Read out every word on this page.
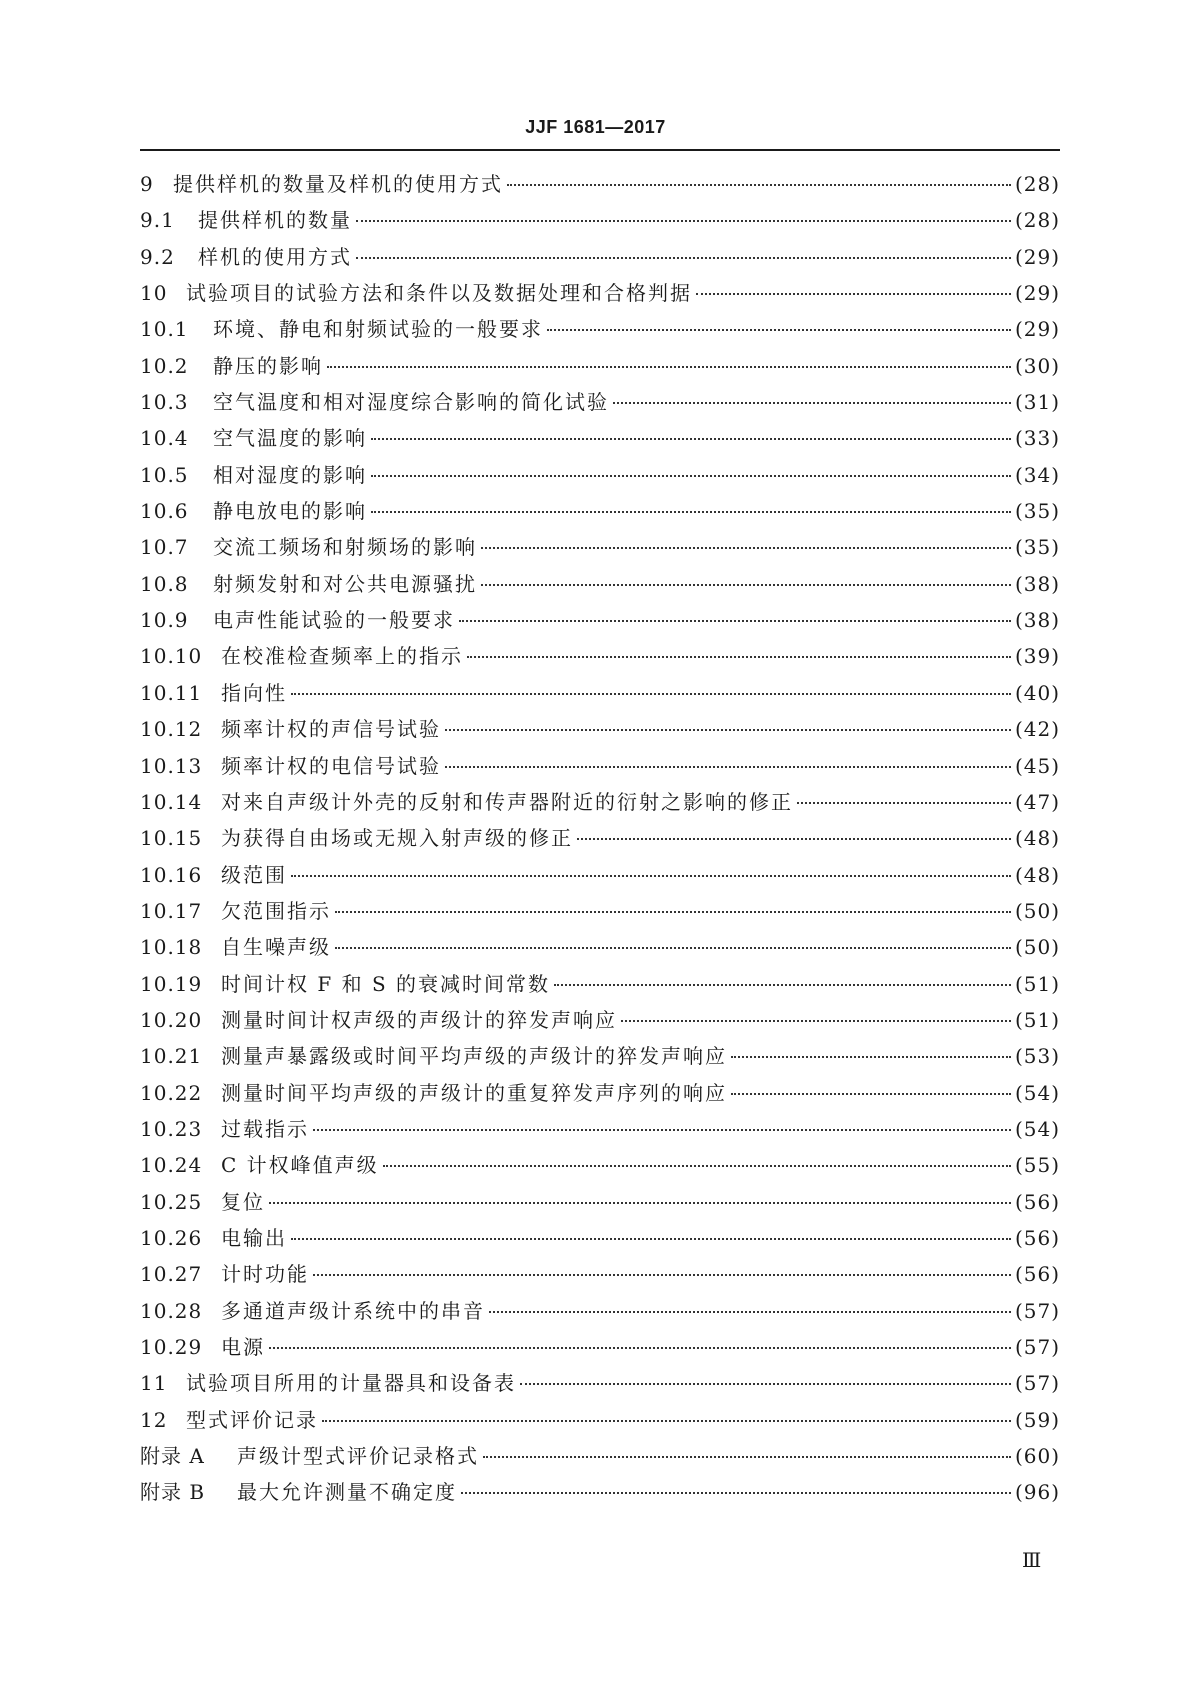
JJF 1681—2017
9 提供样机的数量及样机的使用方式	(28)
9.1	提供样机的数量	(28)
9.2	样机的使用方式	(29)
10 试验项目的试验方法和条件以及数据处理和合格判据	(29)
10.1	环境、静电和射频试验的一般要求	(29)
10.2	静压的影响	(30)
10.3	空气温度和相对湿度综合影响的简化试验	(31)
10.4	空气温度的影响	(33)
10.5	相对湿度的影响	(34)
10.6	静电放电的影响	(35)
10.7	交流工频场和射频场的影响	(35)
10.8	射频发射和对公共电源骚扰	(38)
10.9	电声性能试验的一般要求	(38)
10.10 在校准检查频率上的指示	(39)
10.11 指向性	(40)
10.12 频率计权的声信号试验	(42)
10.13 频率计权的电信号试验	(45)
10.14 对来自声级计外壳的反射和传声器附近的衍射之影响的修正	(47)
10.15 为获得自由场或无规入射声级的修正	(48)
10.16 级范围	(48)
10.17 欠范围指示	(50)
10.18 自生噪声级	(50)
10.19 时间计权 F 和 S 的衰减时间常数	(51)
10.20 测量时间计权声级的声级计的猝发声响应	(51)
10.21 测量声暴露级或时间平均声级的声级计的猝发声响应	(53)
10.22 测量时间平均声级的声级计的重复猝发声序列的响应	(54)
10.23 过载指示	(54)
10.24 C 计权峰值声级	(55)
10.25 复位	(56)
10.26 电输出	(56)
10.27 计时功能	(56)
10.28 多通道声级计系统中的串音	(57)
10.29 电源	(57)
11 试验项目所用的计量器具和设备表	(57)
12 型式评价记录	(59)
附录 A	声级计型式评价记录格式	(60)
附录 B	最大允许测量不确定度	(96)
Ⅲ
